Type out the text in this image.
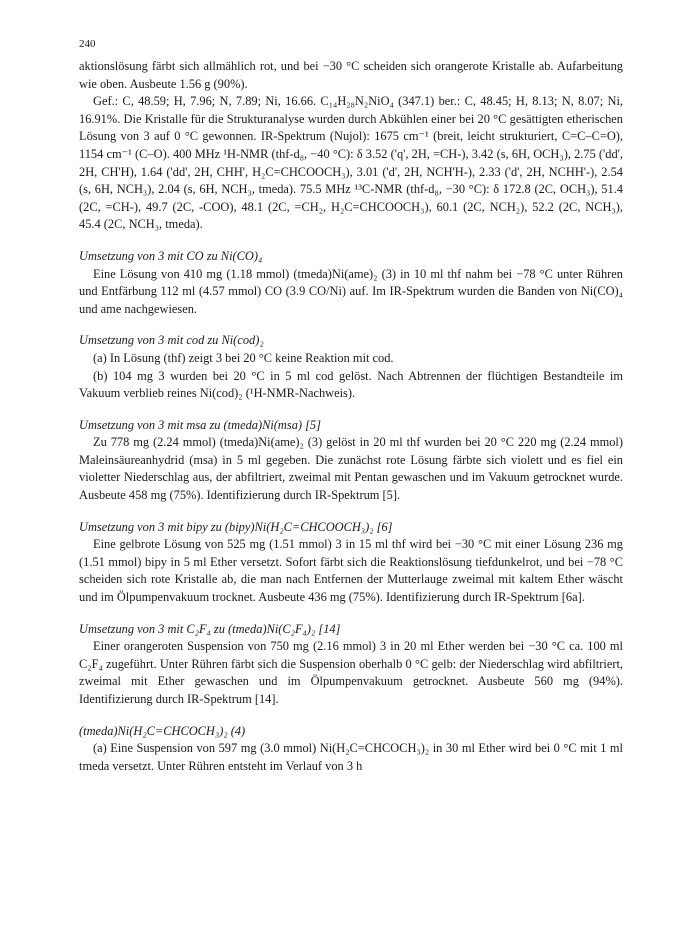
240

aktionslösung färbt sich allmählich rot, und bei −30 °C scheiden sich orangerote Kristalle ab. Aufarbeitung wie oben. Ausbeute 1.56 g (90%).

Gef.: C, 48.59; H, 7.96; N, 7.89; Ni, 16.66. C₁₄H₂₈N₂NiO₄ (347.1) ber.: C, 48.45; H, 8.13; N, 8.07; Ni, 16.91%. Die Kristalle für die Strukturanalyse wurden durch Abkühlen einer bei 20 °C gesättigten etherischen Lösung von 3 auf 0 °C gewonnen. IR-Spektrum (Nujol): 1675 cm⁻¹ (breit, leicht strukturiert, C=C–C=O), 1154 cm⁻¹ (C–O). 400 MHz ¹H-NMR (thf-d₈, −40 °C): δ 3.52 ('q', 2H, =CH-), 3.42 (s, 6H, OCH₃), 2.75 ('dd', 2H, CH'H), 1.64 ('dd', 2H, CHH', H₂C=CHCOOCH₃), 3.01 ('d', 2H, NCH'H-), 2.33 ('d', 2H, NCHH'-), 2.54 (s, 6H, NCH₃), 2.04 (s, 6H, NCH₃, tmeda). 75.5 MHz ¹³C-NMR (thf-d₈, −30 °C): δ 172.8 (2C, OCH₃), 51.4 (2C, =CH-), 49.7 (2C, -COO), 48.1 (2C, =CH₂, H₂C=CHCOOCH₃), 60.1 (2C, NCH₂), 52.2 (2C, NCH₃), 45.4 (2C, NCH₃, tmeda).

Umsetzung von 3 mit CO zu Ni(CO)₄

Eine Lösung von 410 mg (1.18 mmol) (tmeda)Ni(ame)₂ (3) in 10 ml thf nahm bei −78 °C unter Rühren und Entfärbung 112 ml (4.57 mmol) CO (3.9 CO/Ni) auf. Im IR-Spektrum wurden die Banden von Ni(CO)₄ und ame nachgewiesen.

Umsetzung von 3 mit cod zu Ni(cod)₂

(a) In Lösung (thf) zeigt 3 bei 20 °C keine Reaktion mit cod.

(b) 104 mg 3 wurden bei 20 °C in 5 ml cod gelöst. Nach Abtrennen der flüchtigen Bestandteile im Vakuum verblieb reines Ni(cod)₂ (¹H-NMR-Nachweis).

Umsetzung von 3 mit msa zu (tmeda)Ni(msa) [5]

Zu 778 mg (2.24 mmol) (tmeda)Ni(ame)₂ (3) gelöst in 20 ml thf wurden bei 20 °C 220 mg (2.24 mmol) Maleinsäureanhydrid (msa) in 5 ml gegeben. Die zunächst rote Lösung färbte sich violett und es fiel ein violetter Niederschlag aus, der abfiltriert, zweimal mit Pentan gewaschen und im Vakuum getrocknet wurde. Ausbeute 458 mg (75%). Identifizierung durch IR-Spektrum [5].

Umsetzung von 3 mit bipy zu (bipy)Ni(H₂C=CHCOOCH₃)₂ [6]

Eine gelbrote Lösung von 525 mg (1.51 mmol) 3 in 15 ml thf wird bei −30 °C mit einer Lösung 236 mg (1.51 mmol) bipy in 5 ml Ether versetzt. Sofort färbt sich die Reaktionslösung tiefdunkelrot, und bei −78 °C scheiden sich rote Kristalle ab, die man nach Entfernen der Mutterlauge zweimal mit kaltem Ether wäscht und im Ölpumpenvakuum trocknet. Ausbeute 436 mg (75%). Identifizierung durch IR-Spektrum [6a].

Umsetzung von 3 mit C₂F₄ zu (tmeda)Ni(C₂F₄)₂ [14]

Einer orangeroten Suspension von 750 mg (2.16 mmol) 3 in 20 ml Ether werden bei −30 °C ca. 100 ml C₂F₄ zugeführt. Unter Rühren färbt sich die Suspension oberhalb 0 °C gelb: der Niederschlag wird abfiltriert, zweimal mit Ether gewaschen und im Ölpumpenvakuum getrocknet. Ausbeute 560 mg (94%). Identifizierung durch IR-Spektrum [14].

(tmeda)Ni(H₂C=CHCOCH₃)₂ (4)

(a) Eine Suspension von 597 mg (3.0 mmol) Ni(H₂C=CHCOCH₃)₂ in 30 ml Ether wird bei 0 °C mit 1 ml tmeda versetzt. Unter Rühren entsteht im Verlauf von 3 h
